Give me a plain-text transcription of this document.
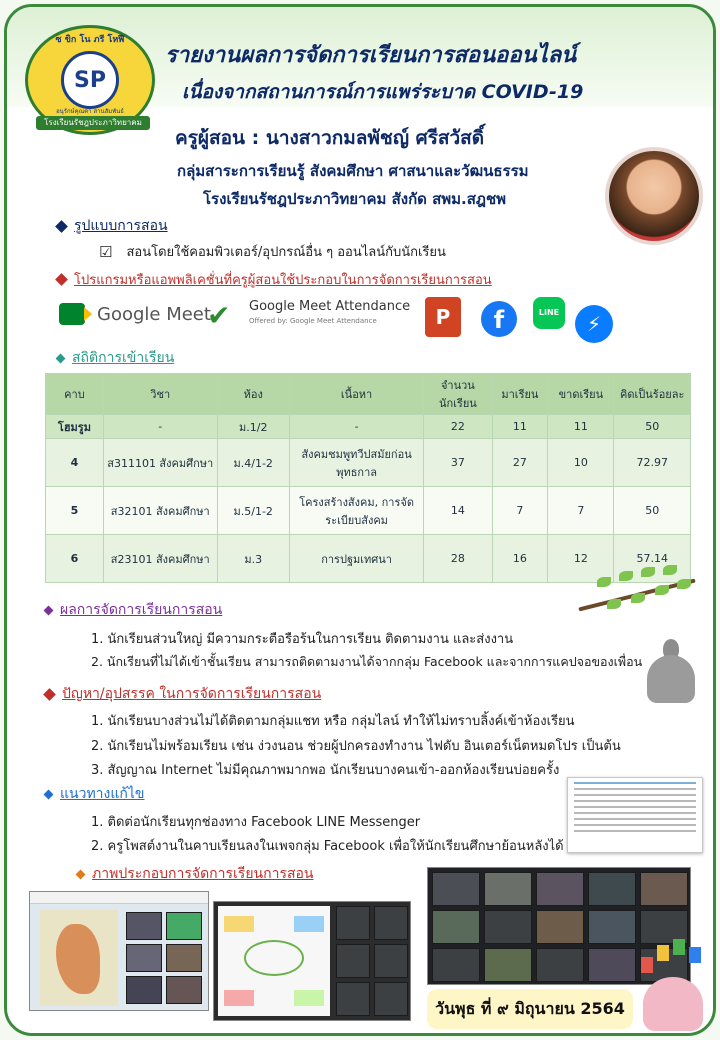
ซ ขิก โน ภรี โหฬี
SP
อนุรักษ์คุณค่า สานสัมพันธ์
โรงเรียนรัชฎประภาวิทยาคม
รายงานผลการจัดการเรียนการสอนออนไลน์
เนื่องจากสถานการณ์การแพร่ระบาด COVID-19
ครูผู้สอน : นางสาวกมลพัชญ์ ศรีสวัสดิ์
กลุ่มสาระการเรียนรู้ สังคมศึกษา ศาสนาและวัฒนธรรม
โรงเรียนรัชฎประภาวิทยาคม สังกัด สพม.สฎชพ
รูปแบบการสอน
☑ สอนโดยใช้คอมพิวเตอร์/อุปกรณ์อื่น ๆ ออนไลน์กับนักเรียน
โปรแกรมหรือแอพพลิเคชั่นที่ครูผู้สอนใช้ประกอบในการจัดการเรียนการสอน
Google Meet
✔ Google Meet Attendance
Offered by: Google Meet Attendance	P	f	LINE	⚡
สถิติการเข้าเรียน
คาบ	วิชา	ห้อง	เนื้อหา	จำนวนนักเรียน	มาเรียน	ขาดเรียน	คิดเป็นร้อยละ
โฮมรูม	-	ม.1/2	-	22	11	11	50
4	ส311101 สังคมศึกษา	ม.4/1-2	สังคมชมพูทวีปสมัยก่อนพุทธกาล	37	27	10	72.97
5	ส32101 สังคมศึกษา	ม.5/1-2	โครงสร้างสังคม, การจัดระเบียบสังคม	14	7	7	50
6	ส23101 สังคมศึกษา	ม.3	การปฐมเทศนา	28	16	12	57.14
ผลการจัดการเรียนการสอน
1. นักเรียนส่วนใหญ่ มีความกระตือรือร้นในการเรียน ติดตามงาน และส่งงาน
2. นักเรียนที่ไม่ได้เข้าชั้นเรียน สามารถติดตามงานได้จากกลุ่ม Facebook และจากการแคปจอของเพื่อน
ปัญหา/อุปสรรค ในการจัดการเรียนการสอน
1. นักเรียนบางส่วนไม่ได้ติดตามกลุ่มแชท หรือ กลุ่มไลน์ ทำให้ไม่ทราบลิ้งค์เข้าห้องเรียน
2. นักเรียนไม่พร้อมเรียน เช่น ง่วงนอน ช่วยผู้ปกครองทำงาน ไฟดับ อินเตอร์เน็ตหมดโปร เป็นต้น
3. สัญญาณ Internet ไม่มีคุณภาพมากพอ นักเรียนบางคนเข้า-ออกห้องเรียนบ่อยครั้ง
แนวทางแก้ไข
1. ติดต่อนักเรียนทุกช่องทาง Facebook LINE Messenger
2. ครูโพสต์งานในคาบเรียนลงในเพจกลุ่ม Facebook เพื่อให้นักเรียนศึกษาย้อนหลังได้
ภาพประกอบการจัดการเรียนการสอน
วันพุธ ที่ ๙ มิถุนายน 2564
